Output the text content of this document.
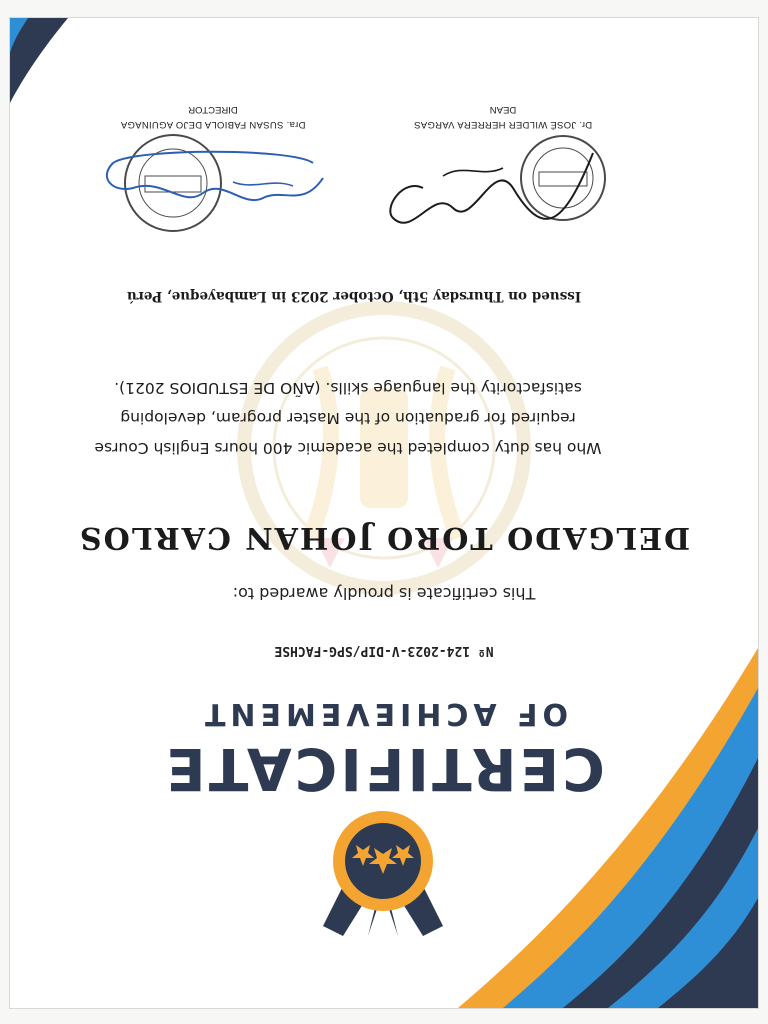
CERTIFICATE
OF ACHIEVEMENT
Nº 124-2023-V-DIP/SPG-FACHSE
This certificate is proudly awarded to:
DELGADO TORO JOHAN CARLOS
Who has duty completed the academic 400 hours English Course
required for graduation of the Master program, developing
satisfactority the language skills. (AÑO DE ESTUDIOS 2021).
Issued on Thursday 5th, October 2023 in Lambayeque, Perú
Dr. JOSÉ WILDER HERRERA VARGAS
DEAN
Dra. SUSAN FABIOLA DEJO AGUINAGA
DIRECTOR
